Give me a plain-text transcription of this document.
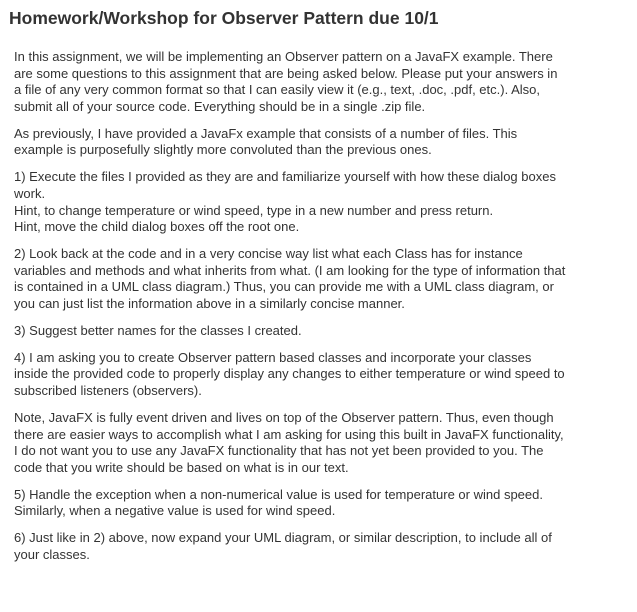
Homework/Workshop for Observer Pattern due 10/1

In this assignment, we will be implementing an Observer pattern on a JavaFX example. There
are some questions to this assignment that are being asked below. Please put your answers in
a file of any very common format so that I can easily view it (e.g., text, .doc, .pdf, etc.). Also,
submit all of your source code. Everything should be in a single .zip file.

As previously, I have provided a JavaFx example that consists of a number of files. This
example is purposefully slightly more convoluted than the previous ones.

1) Execute the files I provided as they are and familiarize yourself with how these dialog boxes
work.
Hint, to change temperature or wind speed, type in a new number and press return.
Hint, move the child dialog boxes off the root one.

2) Look back at the code and in a very concise way list what each Class has for instance
variables and methods and what inherits from what. (I am looking for the type of information that
is contained in a UML class diagram.) Thus, you can provide me with a UML class diagram, or
you can just list the information above in a similarly concise manner.

3) Suggest better names for the classes I created.

4) I am asking you to create Observer pattern based classes and incorporate your classes
inside the provided code to properly display any changes to either temperature or wind speed to
subscribed listeners (observers).

Note, JavaFX is fully event driven and lives on top of the Observer pattern. Thus, even though
there are easier ways to accomplish what I am asking for using this built in JavaFX functionality,
I do not want you to use any JavaFX functionality that has not yet been provided to you. The
code that you write should be based on what is in our text.

5) Handle the exception when a non-numerical value is used for temperature or wind speed.
Similarly, when a negative value is used for wind speed.

6) Just like in 2) above, now expand your UML diagram, or similar description, to include all of
your classes.
